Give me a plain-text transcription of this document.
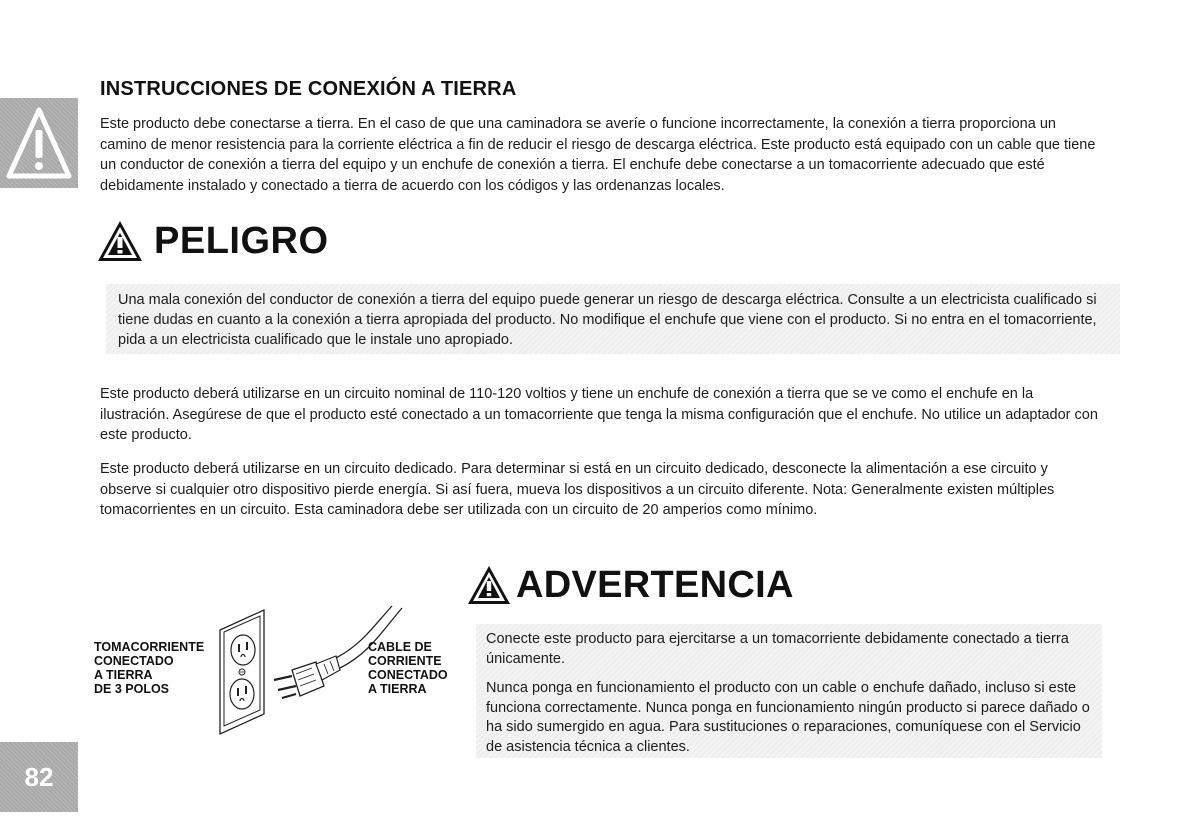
82
INSTRUCCIONES DE CONEXIÓN A TIERRA

Este producto debe conectarse a tierra. En el caso de que una caminadora se averíe o funcione incorrectamente, la conexión a tierra proporciona un camino de menor resistencia para la corriente eléctrica a fin de reducir el riesgo de descarga eléctrica. Este producto está equipado con un cable que tiene un conductor de conexión a tierra del equipo y un enchufe de conexión a tierra. El enchufe debe conectarse a un tomacorriente adecuado que esté debidamente instalado y conectado a tierra de acuerdo con los códigos y las ordenanzas locales.

PELIGRO

Una mala conexión del conductor de conexión a tierra del equipo puede generar un riesgo de descarga eléctrica. Consulte a un electricista cualificado si tiene dudas en cuanto a la conexión a tierra apropiada del producto. No modifique el enchufe que viene con el producto. Si no entra en el tomacorriente, pida a un electricista cualificado que le instale uno apropiado.

Este producto deberá utilizarse en un circuito nominal de 110-120 voltios y tiene un enchufe de conexión a tierra que se ve como el enchufe en la ilustración. Asegúrese de que el producto esté conectado a un tomacorriente que tenga la misma configuración que el enchufe. No utilice un adaptador con este producto.

Este producto deberá utilizarse en un circuito dedicado. Para determinar si está en un circuito dedicado, desconecte la alimentación a ese circuito y observe si cualquier otro dispositivo pierde energía. Si así fuera, mueva los dispositivos a un circuito diferente. Nota: Generalmente existen múltiples tomacorrientes en un circuito. Esta caminadora debe ser utilizada con un circuito de 20 amperios como mínimo.

TOMACORRIENTE
CONECTADO
A TIERRA
DE 3 POLOS
CABLE DE
CORRIENTE
CONECTADO
A TIERRA
ADVERTENCIA

Conecte este producto para ejercitarse a un tomacorriente debidamente conectado a tierra únicamente.

Nunca ponga en funcionamiento el producto con un cable o enchufe dañado, incluso si este funciona correctamente. Nunca ponga en funcionamiento ningún producto si parece dañado o ha sido sumergido en agua. Para sustituciones o reparaciones, comuníquese con el Servicio de asistencia técnica a clientes.
